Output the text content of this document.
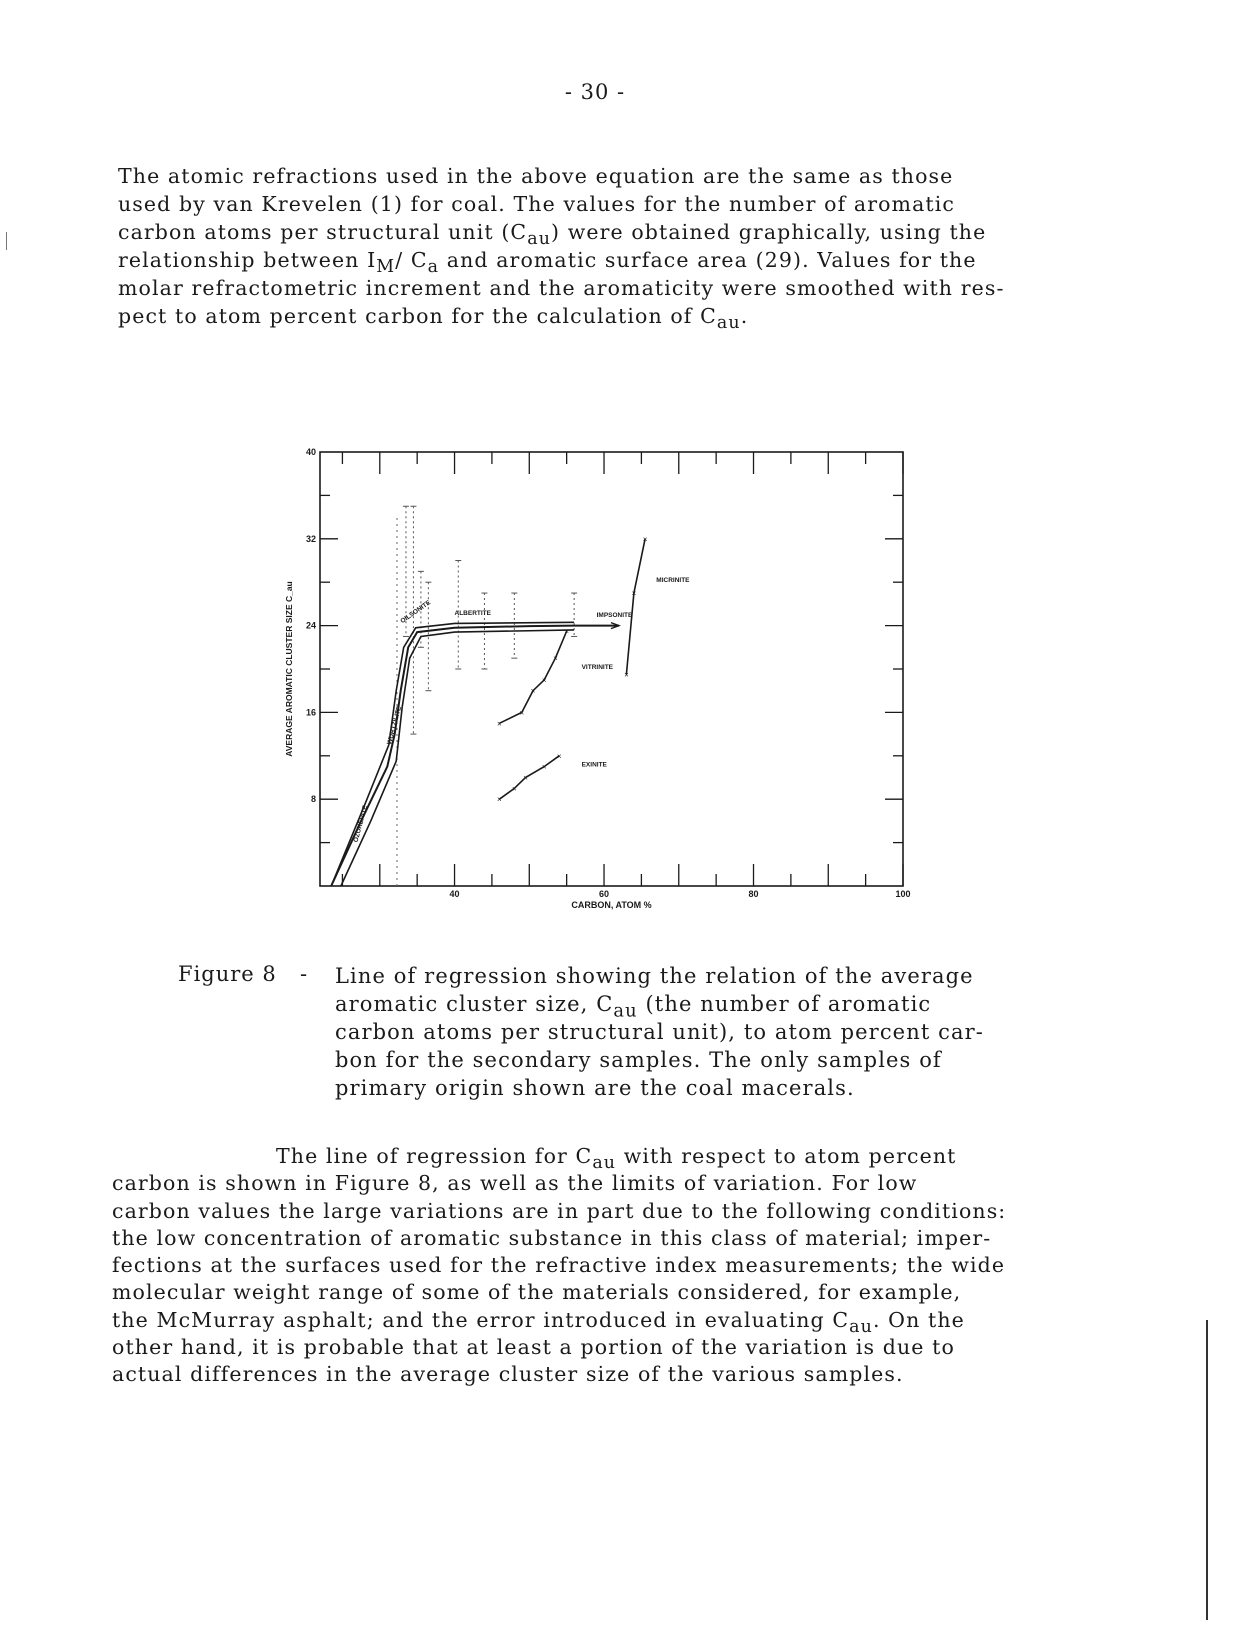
- 30 -

The atomic refractions used in the above equation are the same as those

used by van Krevelen (1) for coal. The values for the number of aromatic

carbon atoms per structural unit $(C_{au})$ were obtained graphically, using the

relationship between $I_M/$ $C_a$ and aromatic surface area (29). Values for the

molar refractometric increment and the aromaticity were smoothed with res-

pect to atom percent carbon for the calculation of $C_{au}$.

40	60	80	100
8
16
24
32
40
CARBON, ATOM %
AVERAGE AROMATIC CLUSTER SIZE C_au	×
×
×
×
×
×
×
×
×
×
×
×
×
×
OZOKERITE
WURTZILITE
OILSONITE	ALBERTITE	IMPSONITE
MICRINITE
VITRINITE
EXINITE
Figure 8 - Line of regression showing the relation of the average

aromatic cluster size, $C_{au}$ (the number of aromatic

carbon atoms per structural unit), to atom percent car-

bon for the secondary samples. The only samples of

primary origin shown are the coal macerals.

The line of regression for $C_{au}$ with respect to atom percent

carbon is shown in Figure 8, as well as the limits of variation. For low

carbon values the large variations are in part due to the following conditions:

the low concentration of aromatic substance in this class of material; imper-

fections at the surfaces used for the refractive index measurements; the wide

molecular weight range of some of the materials considered, for example,

the McMurray asphalt; and the error introduced in evaluating $C_{au}$. On the

other hand, it is probable that at least a portion of the variation is due to

actual differences in the average cluster size of the various samples.
